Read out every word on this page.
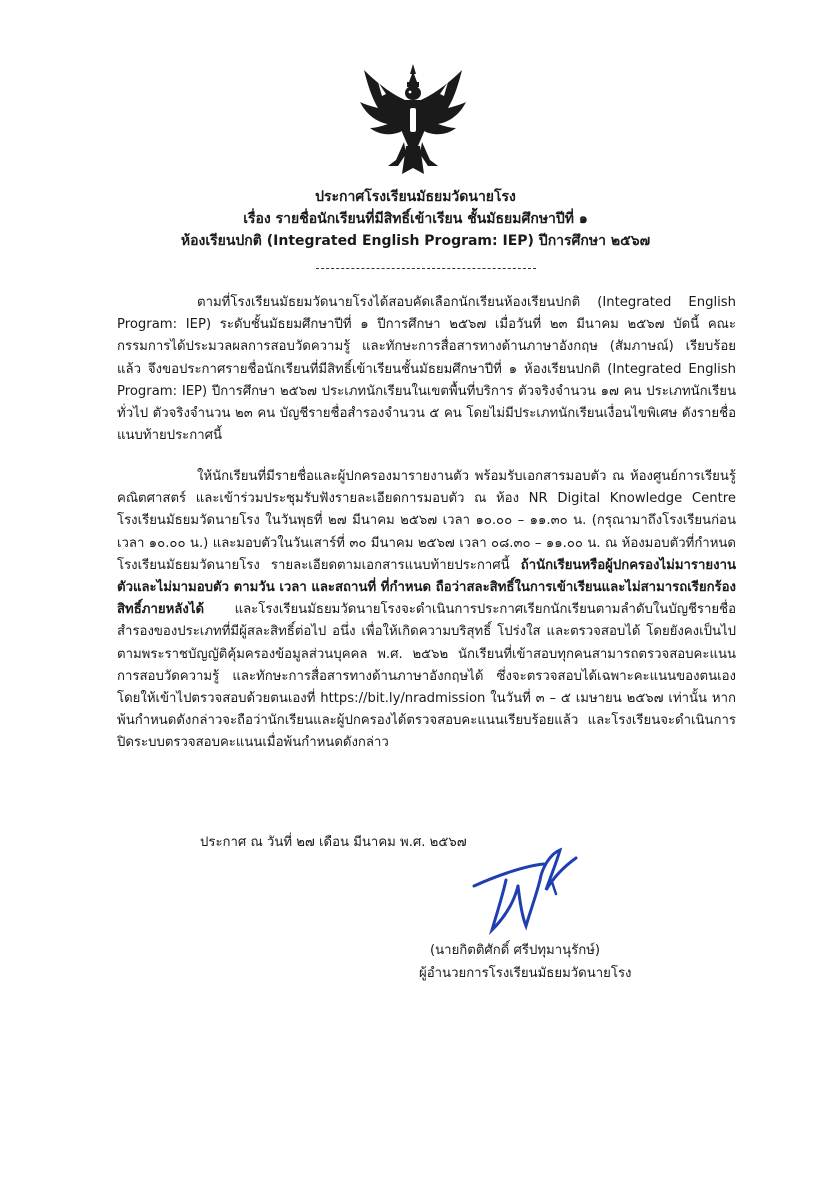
ประกาศโรงเรียนมัธยมวัดนายโรง
เรื่อง รายชื่อนักเรียนที่มีสิทธิ์เข้าเรียน ชั้นมัธยมศึกษาปีที่ ๑
ห้องเรียนปกติ (Integrated English Program: IEP) ปีการศึกษา ๒๕๖๗
ตามที่โรงเรียนมัธยมวัดนายโรงได้สอบคัดเลือกนักเรียนห้องเรียนปกติ (Integrated English Program: IEP) ระดับชั้นมัธยมศึกษาปีที่ ๑ ปีการศึกษา ๒๕๖๗ เมื่อวันที่ ๒๓ มีนาคม ๒๕๖๗ บัดนี้ คณะกรรมการได้ประมวลผลการสอบวัดความรู้ และทักษะการสื่อสารทางด้านภาษาอังกฤษ (สัมภาษณ์) เรียบร้อยแล้ว จึงขอประกาศรายชื่อนักเรียนที่มีสิทธิ์เข้าเรียนชั้นมัธยมศึกษาปีที่ ๑ ห้องเรียนปกติ (Integrated English Program: IEP) ปีการศึกษา ๒๕๖๗ ประเภทนักเรียนในเขตพื้นที่บริการ ตัวจริงจำนวน ๑๗ คน ประเภทนักเรียนทั่วไป ตัวจริงจำนวน ๒๓ คน บัญชีรายชื่อสำรองจำนวน ๕ คน โดยไม่มีประเภทนักเรียนเงื่อนไขพิเศษ ดังรายชื่อแนบท้ายประกาศนี้
ให้นักเรียนที่มีรายชื่อและผู้ปกครองมารายงานตัว พร้อมรับเอกสารมอบตัว ณ ห้องศูนย์การเรียนรู้คณิตศาสตร์ และเข้าร่วมประชุมรับฟังรายละเอียดการมอบตัว ณ ห้อง NR Digital Knowledge Centre โรงเรียนมัธยมวัดนายโรง ในวันพุธที่ ๒๗ มีนาคม ๒๕๖๗ เวลา ๑๐.๐๐ – ๑๑.๓๐ น. (กรุณามาถึงโรงเรียนก่อนเวลา ๑๐.๐๐ น.) และมอบตัวในวันเสาร์ที่ ๓๐ มีนาคม ๒๕๖๗ เวลา ๐๘.๓๐ – ๑๑.๐๐ น. ณ ห้องมอบตัวที่กำหนด โรงเรียนมัธยมวัดนายโรง รายละเอียดตามเอกสารแนบท้ายประกาศนี้ ถ้านักเรียนหรือผู้ปกครองไม่มารายงานตัวและไม่มามอบตัว ตามวัน เวลา และสถานที่ ที่กำหนด ถือว่าสละสิทธิ์ในการเข้าเรียนและไม่สามารถเรียกร้องสิทธิ์ภายหลังได้ และโรงเรียนมัธยมวัดนายโรงจะดำเนินการประกาศเรียกนักเรียนตามลำดับในบัญชีรายชื่อสำรองของประเภทที่มีผู้สละสิทธิ์ต่อไป อนึ่ง เพื่อให้เกิดความบริสุทธิ์ โปร่งใส และตรวจสอบได้ โดยยังคงเป็นไปตามพระราชบัญญัติคุ้มครองข้อมูลส่วนบุคคล พ.ศ. ๒๕๖๒ นักเรียนที่เข้าสอบทุกคนสามารถตรวจสอบคะแนนการสอบวัดความรู้ และทักษะการสื่อสารทางด้านภาษาอังกฤษได้ ซึ่งจะตรวจสอบได้เฉพาะคะแนนของตนเอง โดยให้เข้าไปตรวจสอบด้วยตนเองที่ https://bit.ly/nradmission ในวันที่ ๓ – ๕ เมษายน ๒๕๖๗ เท่านั้น หากพ้นกำหนดดังกล่าวจะถือว่านักเรียนและผู้ปกครองได้ตรวจสอบคะแนนเรียบร้อยแล้ว และโรงเรียนจะดำเนินการปิดระบบตรวจสอบคะแนนเมื่อพ้นกำหนดดังกล่าว
ประกาศ ณ วันที่ ๒๗ เดือน มีนาคม พ.ศ. ๒๕๖๗
(นายกิตติศักดิ์ ศรีปทุมานุรักษ์)
ผู้อำนวยการโรงเรียนมัธยมวัดนายโรง
